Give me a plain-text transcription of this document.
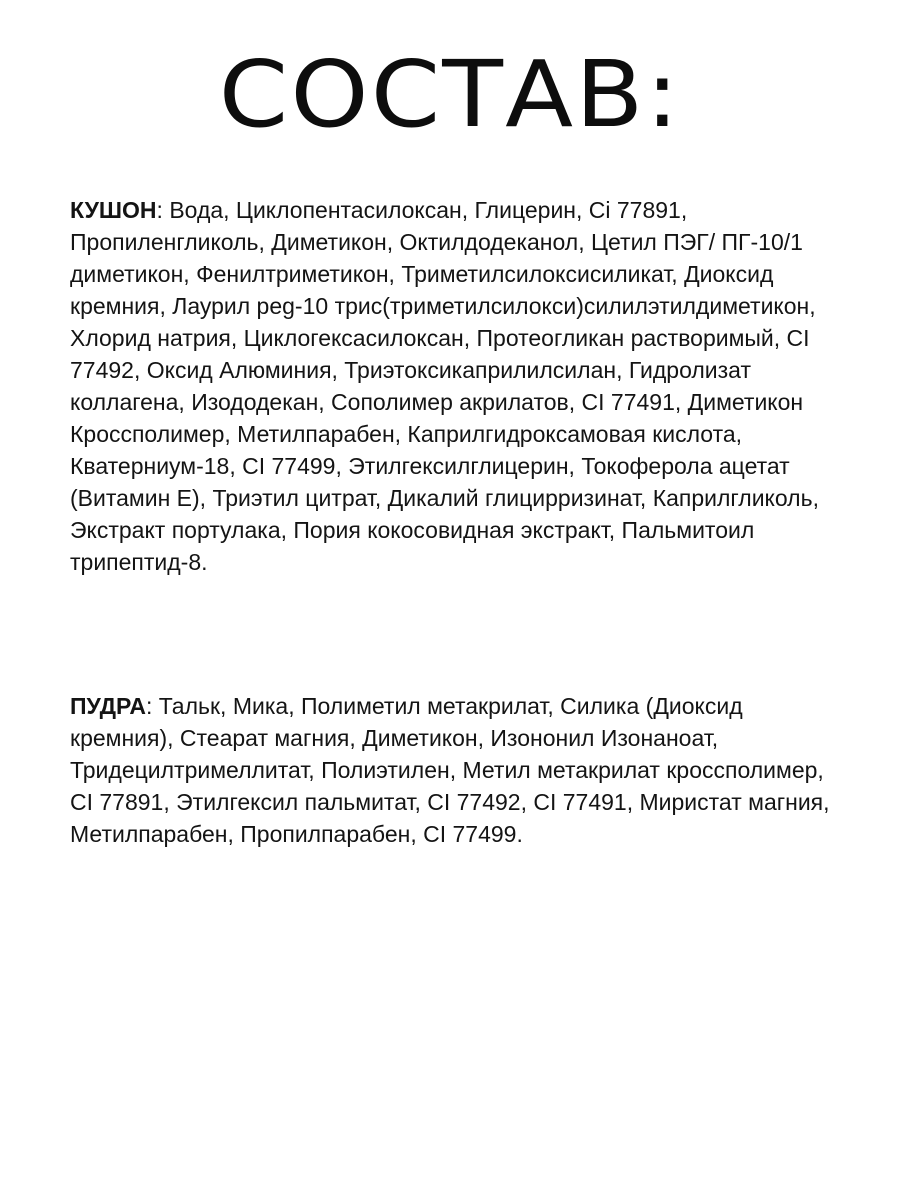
СОСТАВ:
КУШОН: Вода, Циклопентасилоксан, Глицерин, Ci 77891, Пропиленгликоль, Диметикон, Октилдодеканол, Цетил ПЭГ/ ПГ-10/1 диметикон, Фенилтриметикон, Триметилсилоксисиликат, Диоксид кремния, Лаурил peg-10 трис(триметилсилокси)силилэтилдиметикон, Хлорид натрия, Циклогексасилоксан, Протеогликан растворимый, CI 77492, Оксид Алюминия, Триэтоксикаприлилсилан, Гидролизат коллагена, Изододекан, Сополимер акрилатов, CI 77491, Диметикон Кроссполимер, Метилпарабен, Каприлгидроксамовая кислота, Кватерниум-18, CI 77499, Этилгексилглицерин, Токоферола ацетат (Витамин Е), Триэтил цитрат, Дикалий глицирризинат, Каприлгликоль, Экстракт портулака, Пория кокосовидная экстракт, Пальмитоил трипептид-8.
ПУДРА: Тальк, Мика, Полиметил метакрилат, Силика (Диоксид кремния), Стеарат магния, Диметикон, Изононил Изонаноат, Тридецилтримеллитат, Полиэтилен, Метил метакрилат кроссполимер, CI 77891, Этилгексил пальмитат, CI 77492, CI 77491, Миристат магния, Метилпарабен, Пропилпарабен, CI 77499.
